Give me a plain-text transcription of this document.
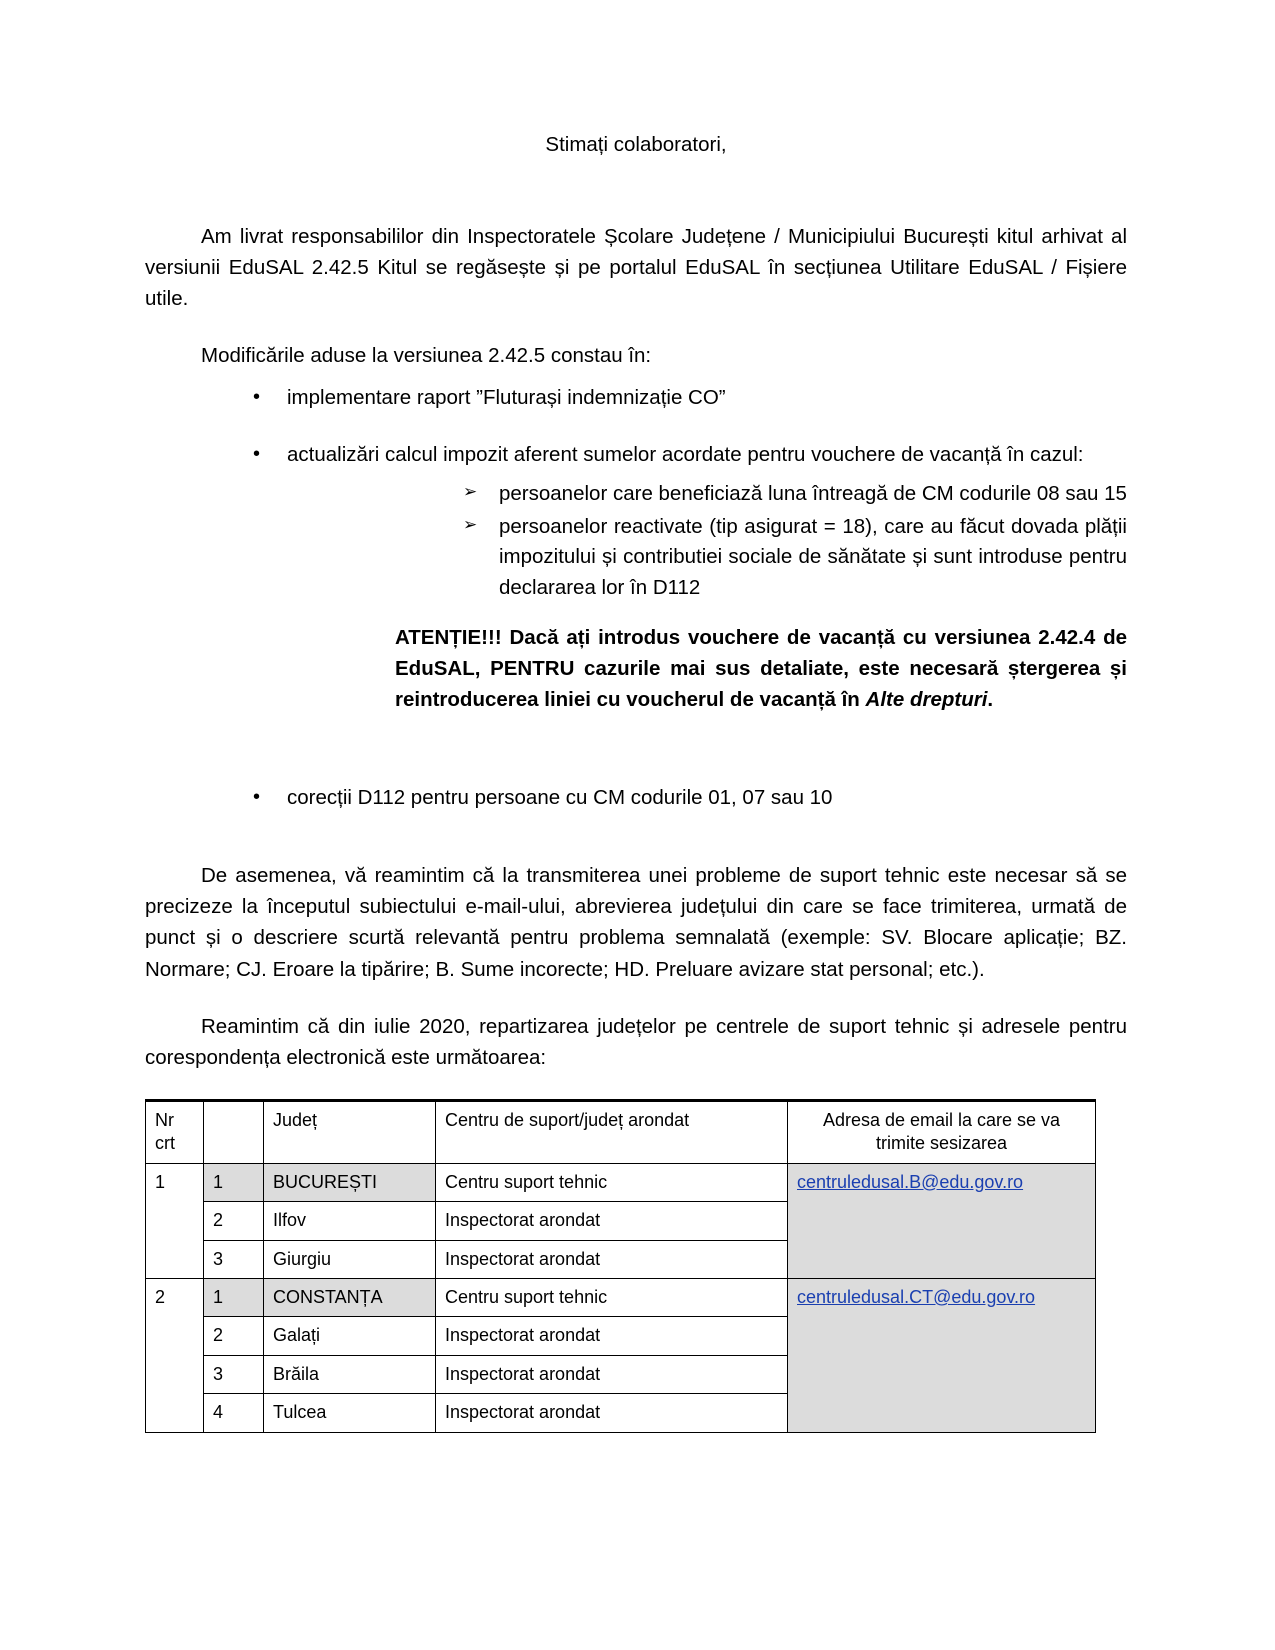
Stimați colaboratori,

Am livrat responsabililor din Inspectoratele Școlare Județene / Municipiului București kitul arhivat al versiunii EduSAL 2.42.5 Kitul se regăsește și pe portalul EduSAL în secțiunea Utilitare EduSAL / Fișiere utile.

Modificările aduse la versiunea 2.42.5 constau în:

• implementare raport ”Fluturași indemnizație CO”
• actualizări calcul impozit aferent sumelor acordate pentru vouchere de vacanță în cazul:
➢ persoanelor care beneficiază luna întreagă de CM codurile 08 sau 15
➢ persoanelor reactivate (tip asigurat = 18), care au făcut dovada plății impozitului și contributiei sociale de sănătate și sunt introduse pentru declararea lor în D112
ATENȚIE!!! Dacă ați introdus vouchere de vacanță cu versiunea 2.42.4 de EduSAL, PENTRU cazurile mai sus detaliate, este necesară ștergerea și reintroducerea liniei cu voucherul de vacanță în Alte drepturi.
• corecții D112 pentru persoane cu CM codurile 01, 07 sau 10

De asemenea, vă reamintim că la transmiterea unei probleme de suport tehnic este necesar să se precizeze la începutul subiectului e-mail-ului, abrevierea județului din care se face trimiterea, urmată de punct și o descriere scurtă relevantă pentru problema semnalată (exemple: SV. Blocare aplicație; BZ. Normare; CJ. Eroare la tipărire; B. Sume incorecte; HD. Preluare avizare stat personal; etc.).

Reamintim că din iulie 2020, repartizarea județelor pe centrele de suport tehnic și adresele pentru corespondența electronică este următoarea:

Nr crt		Județ	Centru de suport/județ arondat	Adresa de email la care se va trimite sesizarea
1	1	BUCUREȘTI	Centru suport tehnic	centruledusal.B@edu.gov.ro
	2	Ilfov	Inspectorat arondat	
	3	Giurgiu	Inspectorat arondat	
2	1	CONSTANȚA	Centru suport tehnic	centruledusal.CT@edu.gov.ro
	2	Galați	Inspectorat arondat	
	3	Brăila	Inspectorat arondat	
	4	Tulcea	Inspectorat arondat	
